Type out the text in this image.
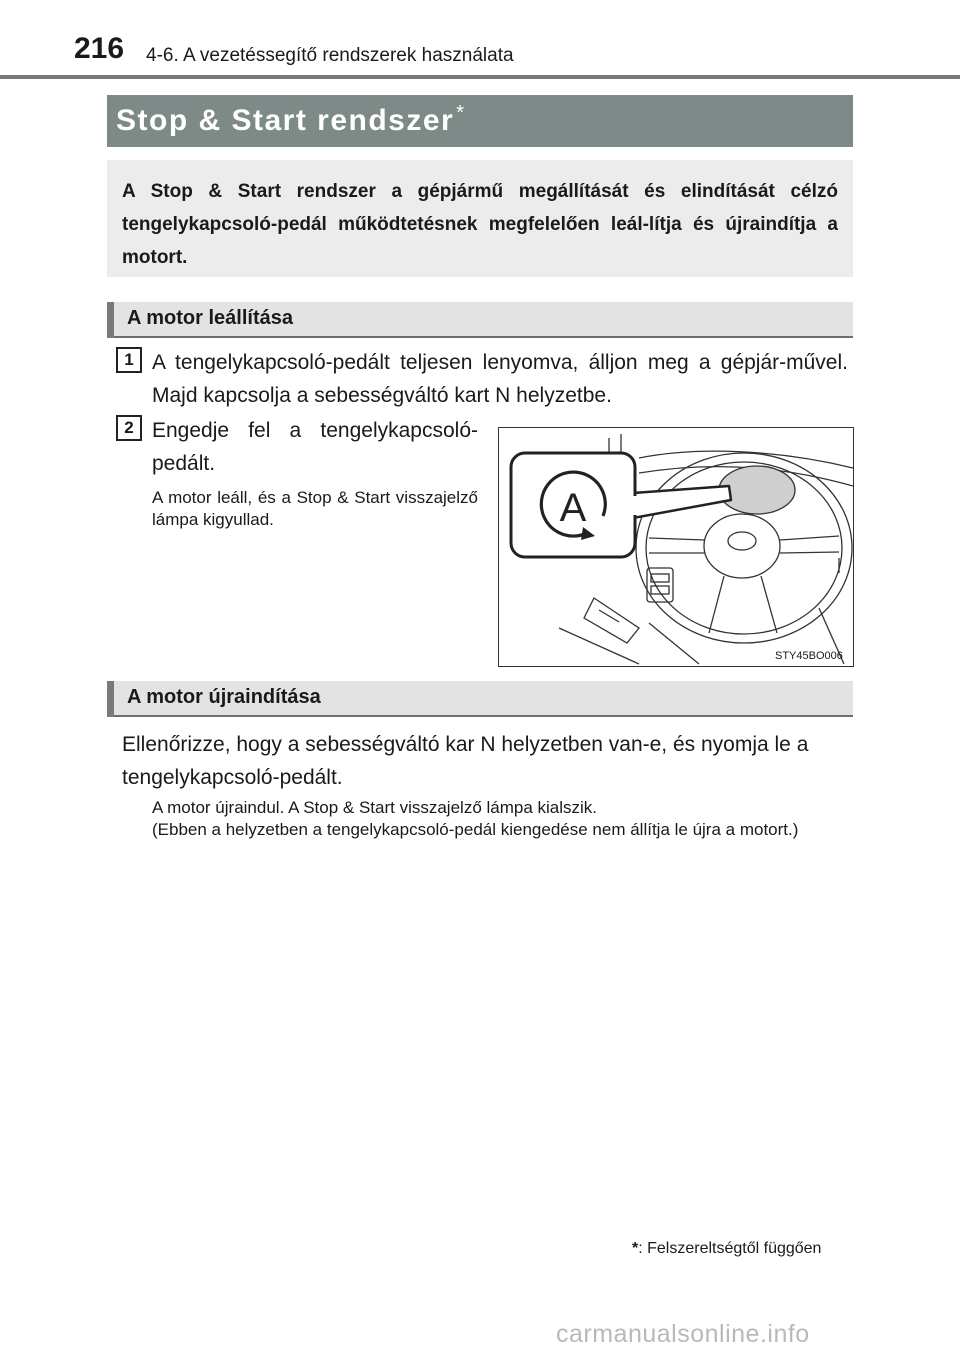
216 4-6. A vezetéssegítő rendszerek használata
Stop & Start rendszer *
A Stop & Start rendszer a gépjármű megállítását és elindítását célzó tengelykapcsoló-pedál működtetésnek megfelelően leál-lítja és újraindítja a motort.
A motor leállítása
1 A tengelykapcsoló-pedált teljesen lenyomva, álljon meg a gépjár-művel. Majd kapcsolja a sebességváltó kart N helyzetbe.
2 Engedje fel a tengelykapcsoló-pedált.
A motor leáll, és a Stop & Start visszajelző lámpa kigyullad.	A
STY45BO006
A motor újraindítása
Ellenőrizze, hogy a sebességváltó kar N helyzetben van-e, és nyomja le a tengelykapcsoló-pedált.
A motor újraindul. A Stop & Start visszajelző lámpa kialszik.
(Ebben a helyzetben a tengelykapcsoló-pedál kiengedése nem állítja le újra a motort.)
*: Felszereltségtől függően
carmanualsonline.info
